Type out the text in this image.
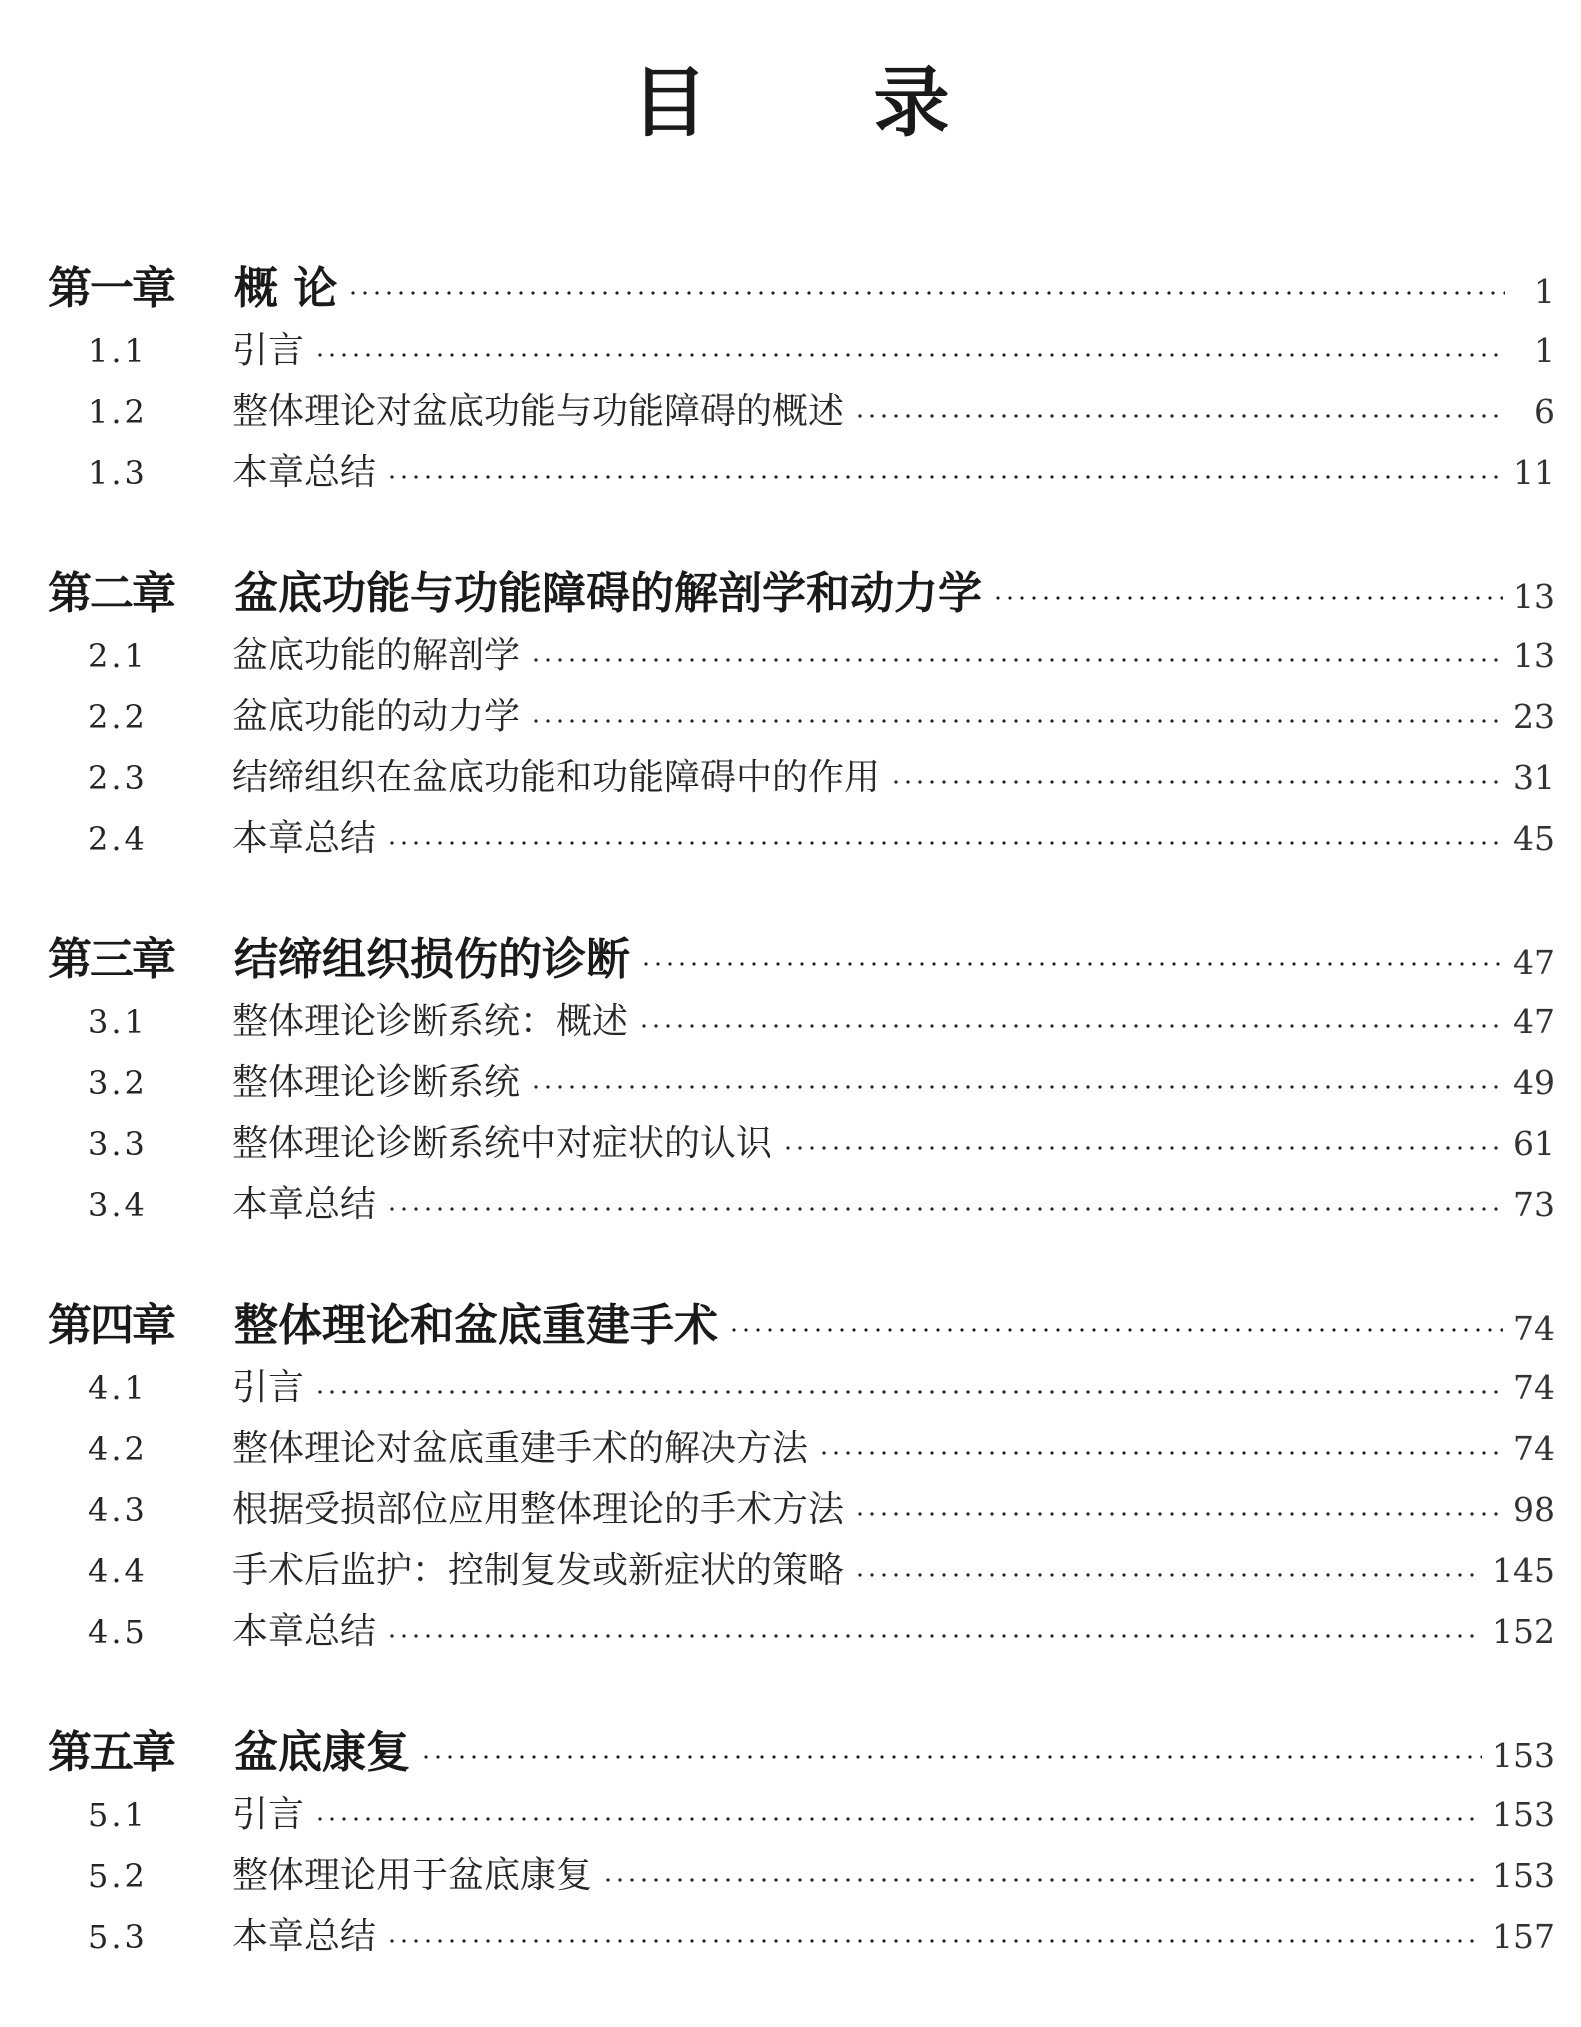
目 录
第一章	概 论	1
1.1	引言	1
1.2	整体理论对盆底功能与功能障碍的概述	6
1.3	本章总结	11
第二章	盆底功能与功能障碍的解剖学和动力学	13
2.1	盆底功能的解剖学	13
2.2	盆底功能的动力学	23
2.3	结缔组织在盆底功能和功能障碍中的作用	31
2.4	本章总结	45
第三章	结缔组织损伤的诊断	47
3.1	整体理论诊断系统：概述	47
3.2	整体理论诊断系统	49
3.3	整体理论诊断系统中对症状的认识	61
3.4	本章总结	73
第四章	整体理论和盆底重建手术	74
4.1	引言	74
4.2	整体理论对盆底重建手术的解决方法	74
4.3	根据受损部位应用整体理论的手术方法	98
4.4	手术后监护：控制复发或新症状的策略	145
4.5	本章总结	152
第五章	盆底康复	153
5.1	引言	153
5.2	整体理论用于盆底康复	153
5.3	本章总结	157
